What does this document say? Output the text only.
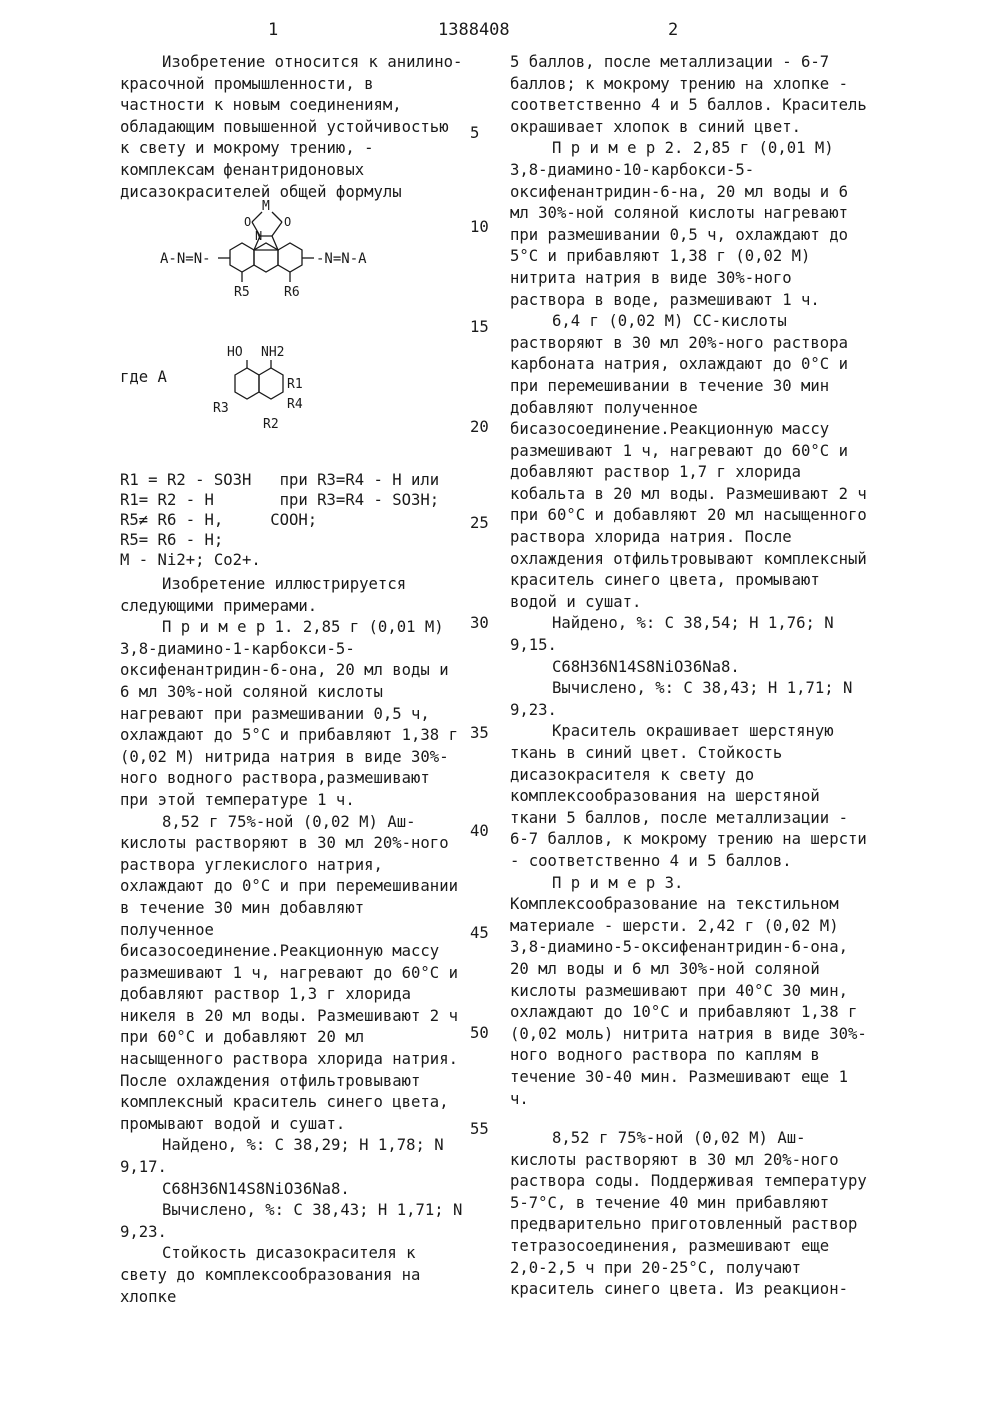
1	1388408	2

Изобретение относится к анилино-красочной промышленности, в частности к новым соединениям, обладающим повышенной устойчивостью к свету и мокрому трению, - комплексам фенантридоновых дисазокрасителей общей формулы

A-N=N-	-N=N-A
M
O
N
O
R5	R6
где А
HO NH2
R1
R4
R3
R2

R1 = R2 - SO3H   при R3=R4 - H или

R1= R2 - H       при R3=R4 - SO3H;

R5≠ R6 - H,     COOH;

R5= R6 - H;

M - Ni2+; Co2+.

Изобретение иллюстрируется следующими примерами.

П р и м е р 1. 2,85 г (0,01 М) 3,8-диамино-1-карбокси-5-оксифенантридин-6-она, 20 мл воды и 6 мл 30%-ной соляной кислоты нагревают при размешивании 0,5 ч, охлаждают до 5°С и прибавляют 1,38 г (0,02 М) нитрида натрия в виде 30%-ного водного раствора,размешивают при этой температуре 1 ч.

8,52 г 75%-ной (0,02 М) Аш-кислоты растворяют в 30 мл 20%-ного раствора углекислого натрия, охлаждают до 0°С и при перемешивании в течение 30 мин добавляют полученное бисазосоединение.Реакционную массу размешивают 1 ч, нагревают до 60°С и добавляют раствор 1,3 г хлорида никеля в 20 мл воды. Размешивают 2 ч при 60°С и добавляют 20 мл насыщенного раствора хлорида натрия. После охлаждения отфильтровывают комплексный краситель синего цвета, промывают водой и сушат.

Найдено, %: С 38,29; Н 1,78; N 9,17.

C68H36N14S8NiO36Na8.

Вычислено, %: С 38,43; Н 1,71; N 9,23.

Стойкость дисазокрасителя к свету до комплексообразования на хлопке

5
10
15
20
25
30
35
40
45
50
55

5 баллов, после металлизации - 6-7 баллов; к мокрому трению на хлопке - соответственно 4 и 5 баллов. Краситель окрашивает хлопок в синий цвет.

П р и м е р 2. 2,85 г (0,01 М) 3,8-диамино-10-карбокси-5-оксифенантридин-6-на, 20 мл воды и 6 мл 30%-ной соляной кислоты нагревают при размешивании 0,5 ч, охлаждают до 5°С и прибавляют 1,38 г (0,02 М) нитрита натрия в виде 30%-ного раствора в воде, размешивают 1 ч.

6,4 г (0,02 М) СС-кислоты растворяют в 30 мл 20%-ного раствора карбоната натрия, охлаждают до 0°С и при перемешивании в течение 30 мин добавляют полученное бисазосоединение.Реакционную массу размешивают 1 ч, нагревают до 60°С и добавляют раствор 1,7 г хлорида кобальта в 20 мл воды. Размешивают 2 ч при 60°С и добавляют 20 мл насыщенного раствора хлорида натрия. После охлаждения отфильтровывают комплексный краситель синего цвета, промывают водой и сушат.

Найдено, %: С 38,54; Н 1,76; N 9,15.

C68H36N14S8NiO36Na8.

Вычислено, %: С 38,43; Н 1,71; N 9,23.

Краситель окрашивает шерстяную ткань в синий цвет. Стойкость дисазокрасителя к свету до комплексообразования на шерстяной ткани 5 баллов, после металлизации - 6-7 баллов, к мокрому трению на шерсти - соответственно 4 и 5 баллов.

П р и м е р 3. Комплексообразование на текстильном материале - шерсти. 2,42 г (0,02 М) 3,8-диамино-5-оксифенантридин-6-она, 20 мл воды и 6 мл 30%-ной соляной кислоты размешивают при 40°С 30 мин, охлаждают до 10°С и прибавляют 1,38 г (0,02 моль) нитрита натрия в виде 30%-ного водного раствора по каплям в течение 30-40 мин. Размешивают еще 1 ч.

8,52 г 75%-ной (0,02 М) Аш-кислоты растворяют в 30 мл 20%-ного раствора соды. Поддерживая температуру 5-7°С, в течение 40 мин прибавляют предварительно приготовленный раствор тетразосоединения, размешивают еще 2,0-2,5 ч при 20-25°С, получают краситель синего цвета. Из реакцион-
